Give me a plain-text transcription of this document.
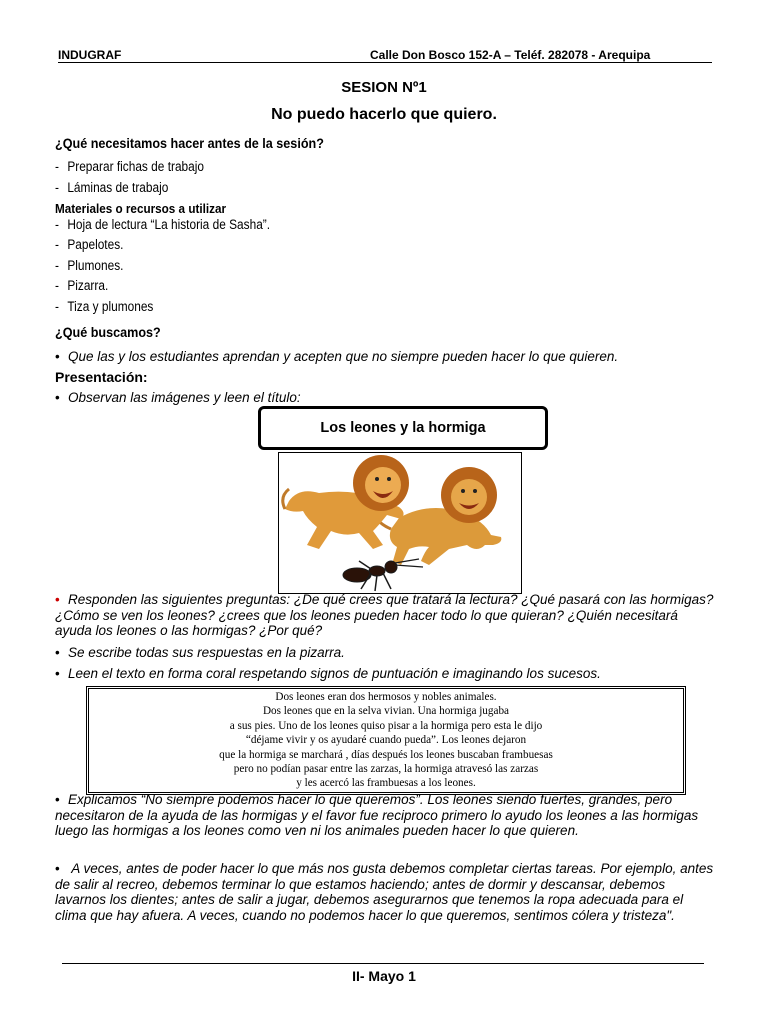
INDUGRAF	Calle Don Bosco 152-A – Teléf. 282078 - Arequipa
SESION Nº1
No puedo hacerlo que quiero.
¿Qué necesitamos hacer antes de la sesión?
- Preparar fichas de trabajo
- Láminas de trabajo
Materiales o recursos a utilizar
- Hoja de lectura “La historia de Sasha”.
- Papelotes.
- Plumones.
- Pizarra.
- Tiza y plumones
¿Qué buscamos?
• Que las y los estudiantes aprendan y acepten que no siempre pueden hacer lo que quieren.
Presentación:
• Observan las imágenes y leen el título:
Los leones y la hormiga
• Responden las siguientes preguntas: ¿De qué crees que tratará la lectura? ¿Qué pasará con las hormigas? ¿Cómo se ven los leones? ¿crees que los leones pueden hacer todo lo que quieran? ¿Quién necesitará ayuda los leones o las hormigas? ¿Por qué?
• Se escribe todas sus respuestas en la pizarra.
• Leen el texto en forma coral respetando signos de puntuación e imaginando los sucesos.
Dos leones eran dos hermosos y nobles animales.
Dos leones que en la selva vivian. Una hormiga jugaba
a sus pies. Uno de los leones quiso pisar a la hormiga pero esta le dijo
“déjame vivir y os ayudaré cuando pueda”. Los leones dejaron
que la hormiga se marchará , días después los leones buscaban frambuesas
pero no podían pasar entre las zarzas, la hormiga atravesó las zarzas
y les acercó las frambuesas a los leones.
• Explicamos “No siempre podemos hacer lo que queremos”. Los leones siendo fuertes, grandes, pero necesitaron de la ayuda de las hormigas y el favor fue reciproco primero lo ayudo los leones a las hormigas luego las hormigas a los leones como ven ni los animales pueden hacer lo que quieren.
• A veces, antes de poder hacer lo que más nos gusta debemos completar ciertas tareas. Por ejemplo, antes de salir al recreo, debemos terminar lo que estamos haciendo; antes de dormir y descansar, debemos lavarnos los dientes; antes de salir a jugar, debemos asegurarnos que tenemos la ropa adecuada para el clima que hay afuera. A veces, cuando no podemos hacer lo que queremos, sentimos cólera y tristeza".
II- Mayo 1
